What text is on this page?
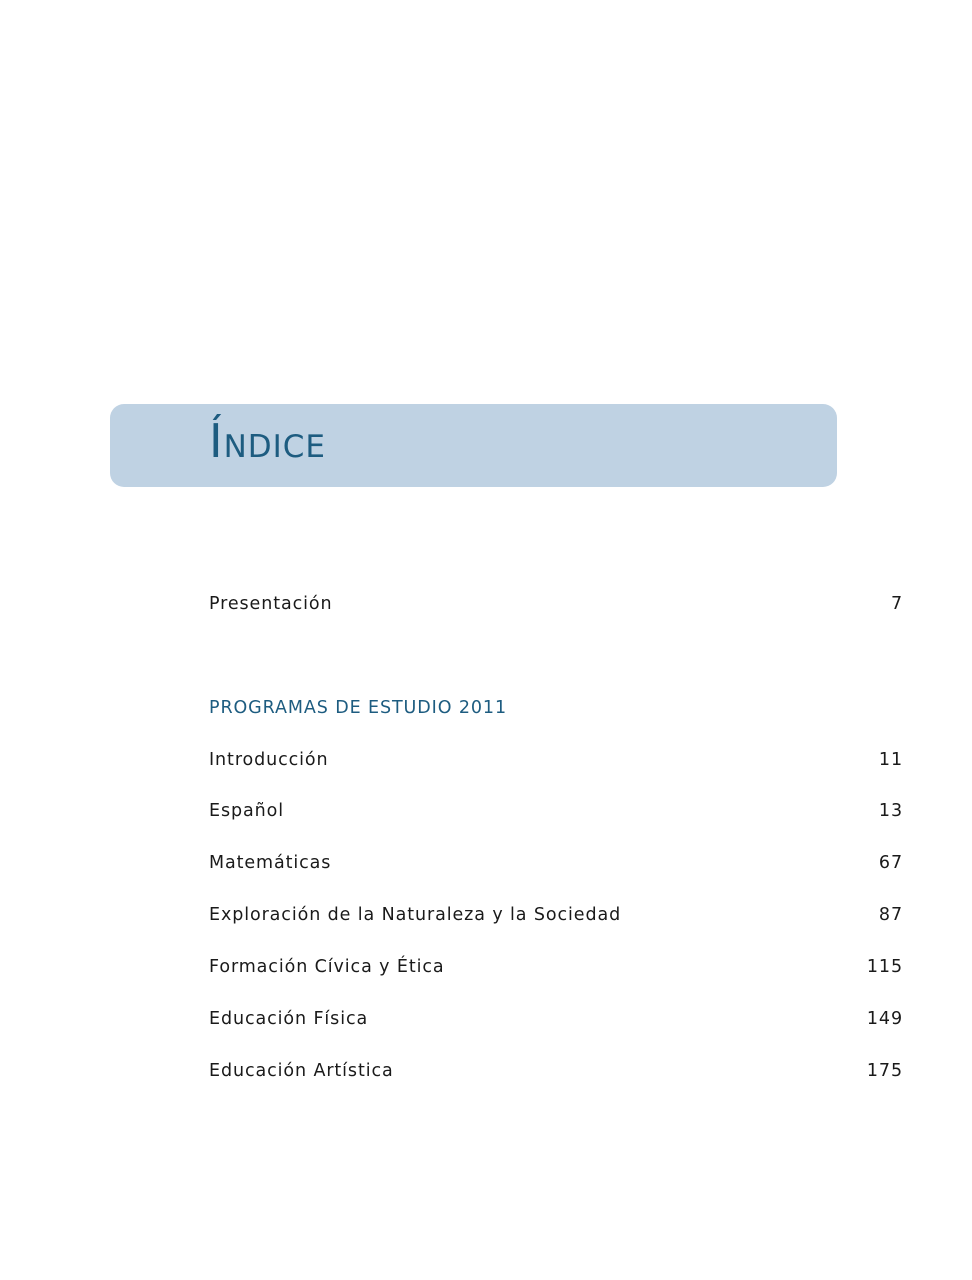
ÍNDICE
Presentación	7
PROGRAMAS DE ESTUDIO 2011
Introducción	11
Español	13
Matemáticas	67
Exploración de la Naturaleza y la Sociedad	87
Formación Cívica y Ética	115
Educación Física	149
Educación Artística	175
